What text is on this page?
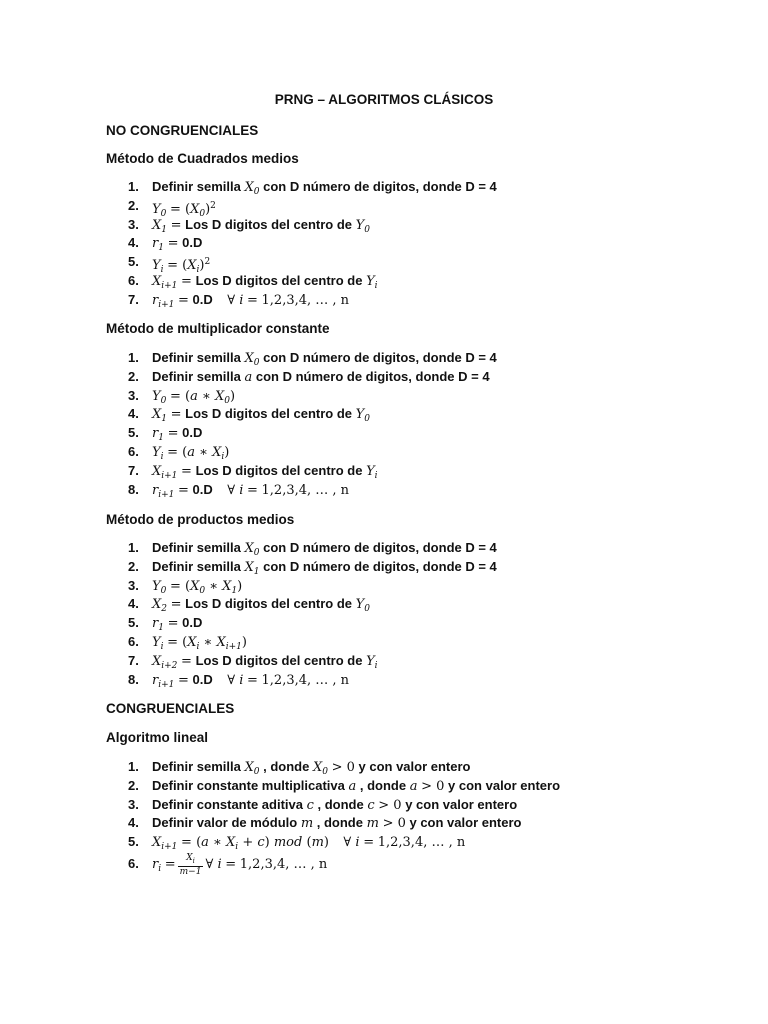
PRNG – ALGORITMOS CLÁSICOS
NO CONGRUENCIALES
Método de Cuadrados medios
1.	Definir semilla $X_0$ con D número de digitos, donde D = 4
2.	$Y_0 = (X_0)^2$
3.	$X_1$ = Los D digitos del centro de $Y_0$
4.	$r_1 = 0.D$
5.	$Y_i = (X_i)^2$
6.	$X_{i+1}$ = Los D digitos del centro de $Y_i$
7.	$r_{i+1} = 0.D$ ∀ i = 1,2,3,4, … , n
Método de multiplicador constante
1.	Definir semilla $X_0$ con D número de digitos, donde D = 4
2.	Definir semilla a con D número de digitos, donde D = 4
3.	$Y_0 = (a$ ∗ $X_0$)
4.	$X_1$ = Los D digitos del centro de $Y_0$
5.	$r_1 = 0.D$
6.	$Y_i = (a$ ∗ $X_i$)
7.	$X_{i+1}$ = Los D digitos del centro de $Y_i$
8.	$r_{i+1} = 0.D$ ∀ i = 1,2,3,4, … , n
Método de productos medios
1.	Definir semilla $X_0$ con D número de digitos, donde D = 4
2.	Definir semilla $X_1$ con D número de digitos, donde D = 4
3.	$Y_0 = (X_0$ ∗ $X_1$)
4.	$X_2$ = Los D digitos del centro de $Y_0$
5.	$r_1 = 0.D$
6.	$Y_i = (X_i$ ∗ $X_{i+1}$)
7.	$X_{i+2}$ = Los D digitos del centro de $Y_i$
8.	$r_{i+1} = 0.D$ ∀ i = 1,2,3,4, … , n
CONGRUENCIALES
Algoritmo lineal
1.	Definir semilla $X_0$ , donde $X_0 > 0$ y con valor entero
2.	Definir constante multiplicativa a , donde a > 0 y con valor entero
3.	Definir constante aditiva c , donde c > 0 y con valor entero
4.	Definir valor de módulo m , donde m > 0 y con valor entero
5.	$X_{i+1} = (a$ ∗ $X_i + c$) mod (m) ∀ i = 1,2,3,4, … , n
6.	$r_i = \frac{X_i}{m-1}$ ∀ i = 1,2,3,4, … , n
